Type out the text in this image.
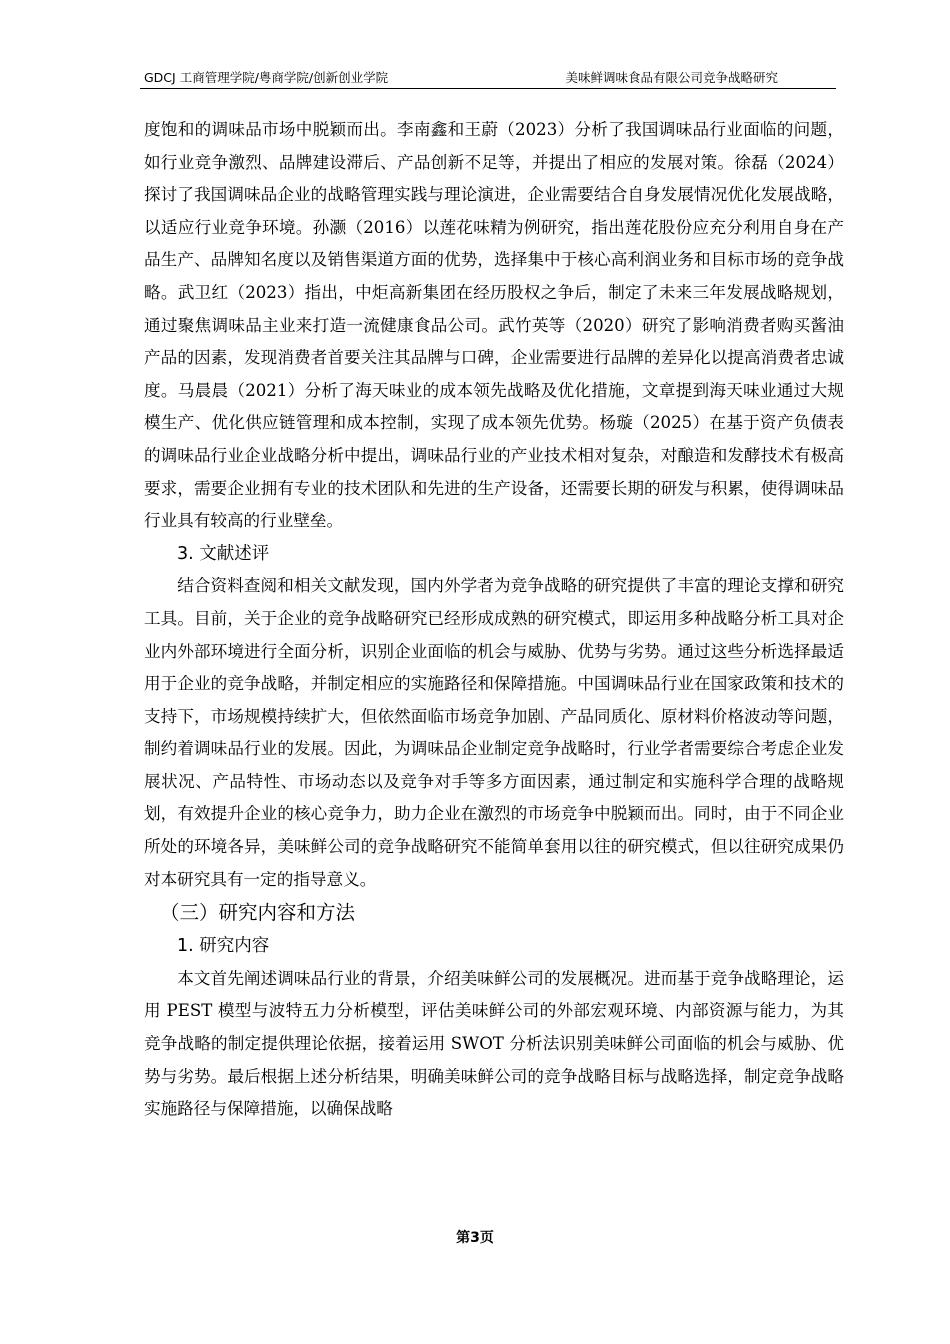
GDCJ 工商管理学院/粤商学院/创新创业学院	美味鲜调味食品有限公司竞争战略研究

度饱和的调味品市场中脱颖而出。李南鑫和王蔚（2023）分析了我国调味品行业面临的问题，如行业竞争激烈、品牌建设滞后、产品创新不足等，并提出了相应的发展对策。徐磊（2024）探讨了我国调味品企业的战略管理实践与理论演进，企业需要结合自身发展情况优化发展战略，以适应行业竞争环境。孙灏（2016）以莲花味精为例研究，指出莲花股份应充分利用自身在产品生产、品牌知名度以及销售渠道方面的优势，选择集中于核心高利润业务和目标市场的竞争战略。武卫红（2023）指出，中炬高新集团在经历股权之争后，制定了未来三年发展战略规划，通过聚焦调味品主业来打造一流健康食品公司。武竹英等（2020）研究了影响消费者购买酱油产品的因素，发现消费者首要关注其品牌与口碑，企业需要进行品牌的差异化以提高消费者忠诚度。马晨晨（2021）分析了海天味业的成本领先战略及优化措施，文章提到海天味业通过大规模生产、优化供应链管理和成本控制，实现了成本领先优势。杨璇（2025）在基于资产负债表的调味品行业企业战略分析中提出，调味品行业的产业技术相对复杂，对酿造和发酵技术有极高要求，需要企业拥有专业的技术团队和先进的生产设备，还需要长期的研发与积累，使得调味品行业具有较高的行业壁垒。

3. 文献述评

结合资料查阅和相关文献发现，国内外学者为竞争战略的研究提供了丰富的理论支撑和研究工具。目前，关于企业的竞争战略研究已经形成成熟的研究模式，即运用多种战略分析工具对企业内外部环境进行全面分析，识别企业面临的机会与威胁、优势与劣势。通过这些分析选择最适用于企业的竞争战略，并制定相应的实施路径和保障措施。中国调味品行业在国家政策和技术的支持下，市场规模持续扩大，但依然面临市场竞争加剧、产品同质化、原材料价格波动等问题，制约着调味品行业的发展。因此，为调味品企业制定竞争战略时，行业学者需要综合考虑企业发展状况、产品特性、市场动态以及竞争对手等多方面因素，通过制定和实施科学合理的战略规划，有效提升企业的核心竞争力，助力企业在激烈的市场竞争中脱颖而出。同时，由于不同企业所处的环境各异，美味鲜公司的竞争战略研究不能简单套用以往的研究模式，但以往研究成果仍对本研究具有一定的指导意义。

（三）研究内容和方法

1. 研究内容

本文首先阐述调味品行业的背景，介绍美味鲜公司的发展概况。进而基于竞争战略理论，运用 PEST 模型与波特五力分析模型，评估美味鲜公司的外部宏观环境、内部资源与能力，为其竞争战略的制定提供理论依据，接着运用 SWOT 分析法识别美味鲜公司面临的机会与威胁、优势与劣势。最后根据上述分析结果，明确美味鲜公司的竞争战略目标与战略选择，制定竞争战略实施路径与保障措施，以确保战略

第3页
